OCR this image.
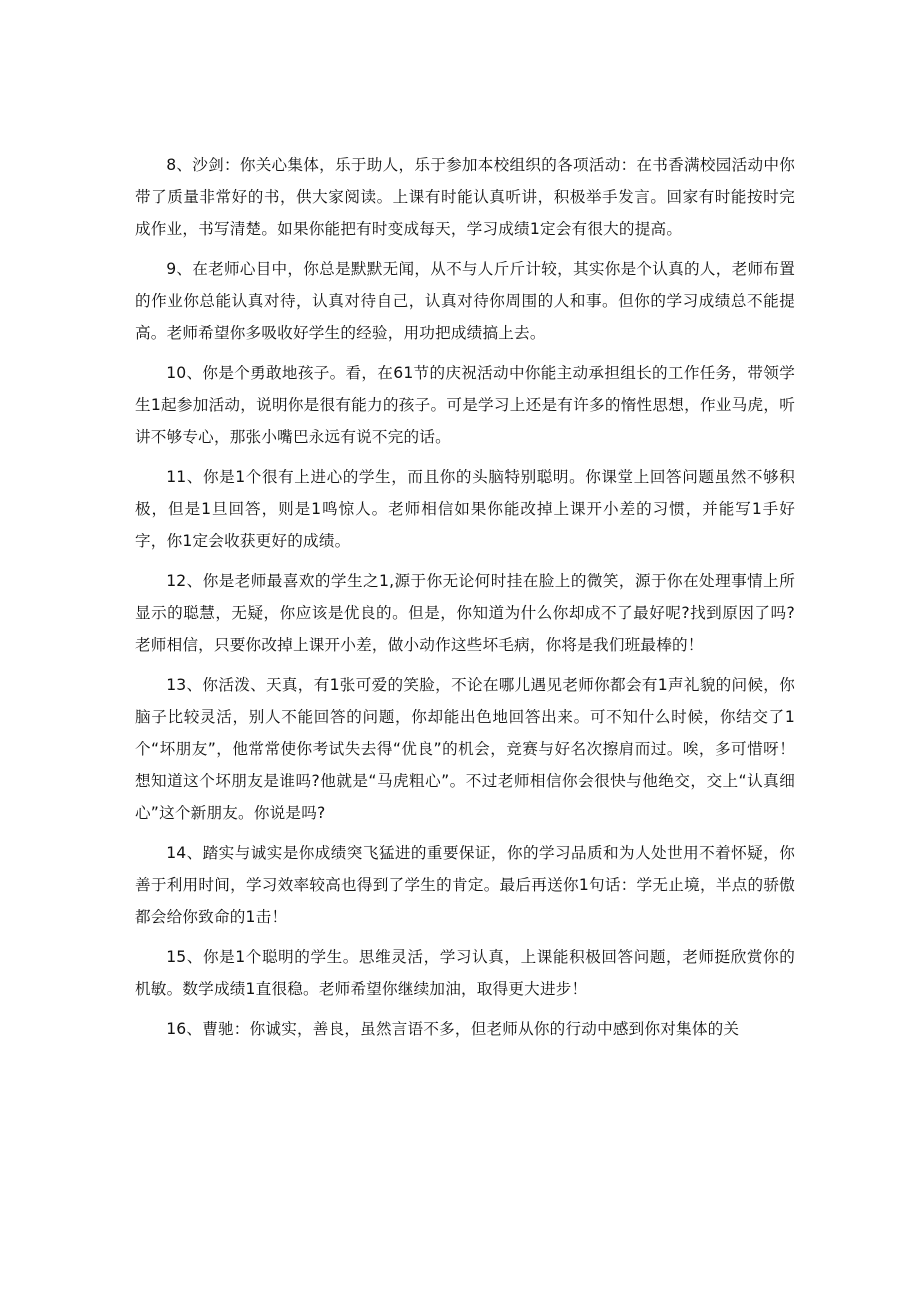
8、沙剑：你关心集体，乐于助人，乐于参加本校组织的各项活动：在书香满校园活动中你带了质量非常好的书，供大家阅读。上课有时能认真听讲，积极举手发言。回家有时能按时完成作业，书写清楚。如果你能把有时变成每天，学习成绩1定会有很大的提高。

9、在老师心目中，你总是默默无闻，从不与人斤斤计较，其实你是个认真的人，老师布置的作业你总能认真对待，认真对待自己，认真对待你周围的人和事。但你的学习成绩总不能提高。老师希望你多吸收好学生的经验，用功把成绩搞上去。

10、你是个勇敢地孩子。看，在61节的庆祝活动中你能主动承担组长的工作任务，带领学生1起参加活动，说明你是很有能力的孩子。可是学习上还是有许多的惰性思想，作业马虎，听讲不够专心，那张小嘴巴永远有说不完的话。

11、你是1个很有上进心的学生，而且你的头脑特别聪明。你课堂上回答问题虽然不够积极，但是1旦回答，则是1鸣惊人。老师相信如果你能改掉上课开小差的习惯，并能写1手好字，你1定会收获更好的成绩。

12、你是老师最喜欢的学生之1,源于你无论何时挂在脸上的微笑，源于你在处理事情上所显示的聪慧，无疑，你应该是优良的。但是，你知道为什么你却成不了最好呢?找到原因了吗?老师相信，只要你改掉上课开小差，做小动作这些坏毛病，你将是我们班最棒的！

13、你活泼、天真，有1张可爱的笑脸，不论在哪儿遇见老师你都会有1声礼貌的问候，你脑子比较灵活，别人不能回答的问题，你却能出色地回答出来。可不知什么时候，你结交了1个“坏朋友”，他常常使你考试失去得“优良”的机会，竞赛与好名次擦肩而过。唉，多可惜呀！想知道这个坏朋友是谁吗?他就是“马虎粗心”。不过老师相信你会很快与他绝交，交上“认真细心”这个新朋友。你说是吗?

14、踏实与诚实是你成绩突飞猛进的重要保证，你的学习品质和为人处世用不着怀疑，你善于利用时间，学习效率较高也得到了学生的肯定。最后再送你1句话：学无止境，半点的骄傲都会给你致命的1击！

15、你是1个聪明的学生。思维灵活，学习认真，上课能积极回答问题，老师挺欣赏你的机敏。数学成绩1直很稳。老师希望你继续加油，取得更大进步！

16、曹驰：你诚实，善良，虽然言语不多，但老师从你的行动中感到你对集体的关
